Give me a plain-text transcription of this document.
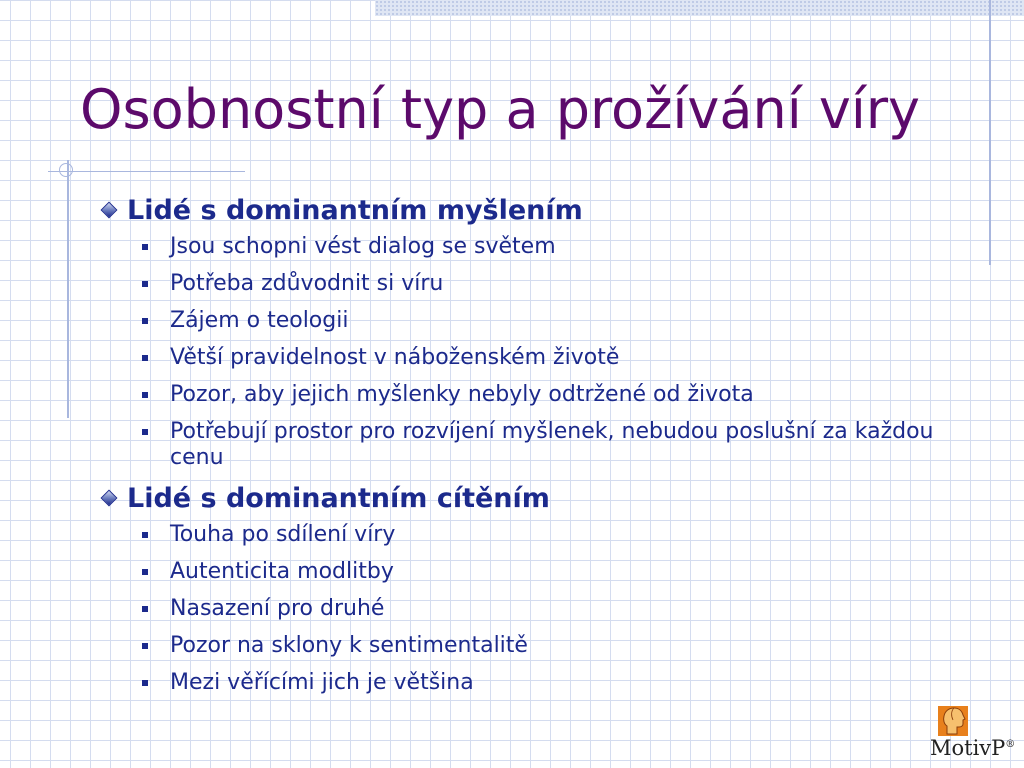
Osobnostní typ a prožívání víry
Lidé s dominantním myšlením
Jsou schopni vést dialog se světem
Potřeba zdůvodnit si víru
Zájem o teologii
Větší pravidelnost v náboženském životě
Pozor, aby jejich myšlenky nebyly odtržené od života
Potřebují prostor pro rozvíjení myšlenek, nebudou poslušní za každou cenu
Lidé s dominantním cítěním
Touha po sdílení víry
Autenticita modlitby
Nasazení pro druhé
Pozor na sklony k sentimentalitě
Mezi věřícími jich je většina
MotivP®
